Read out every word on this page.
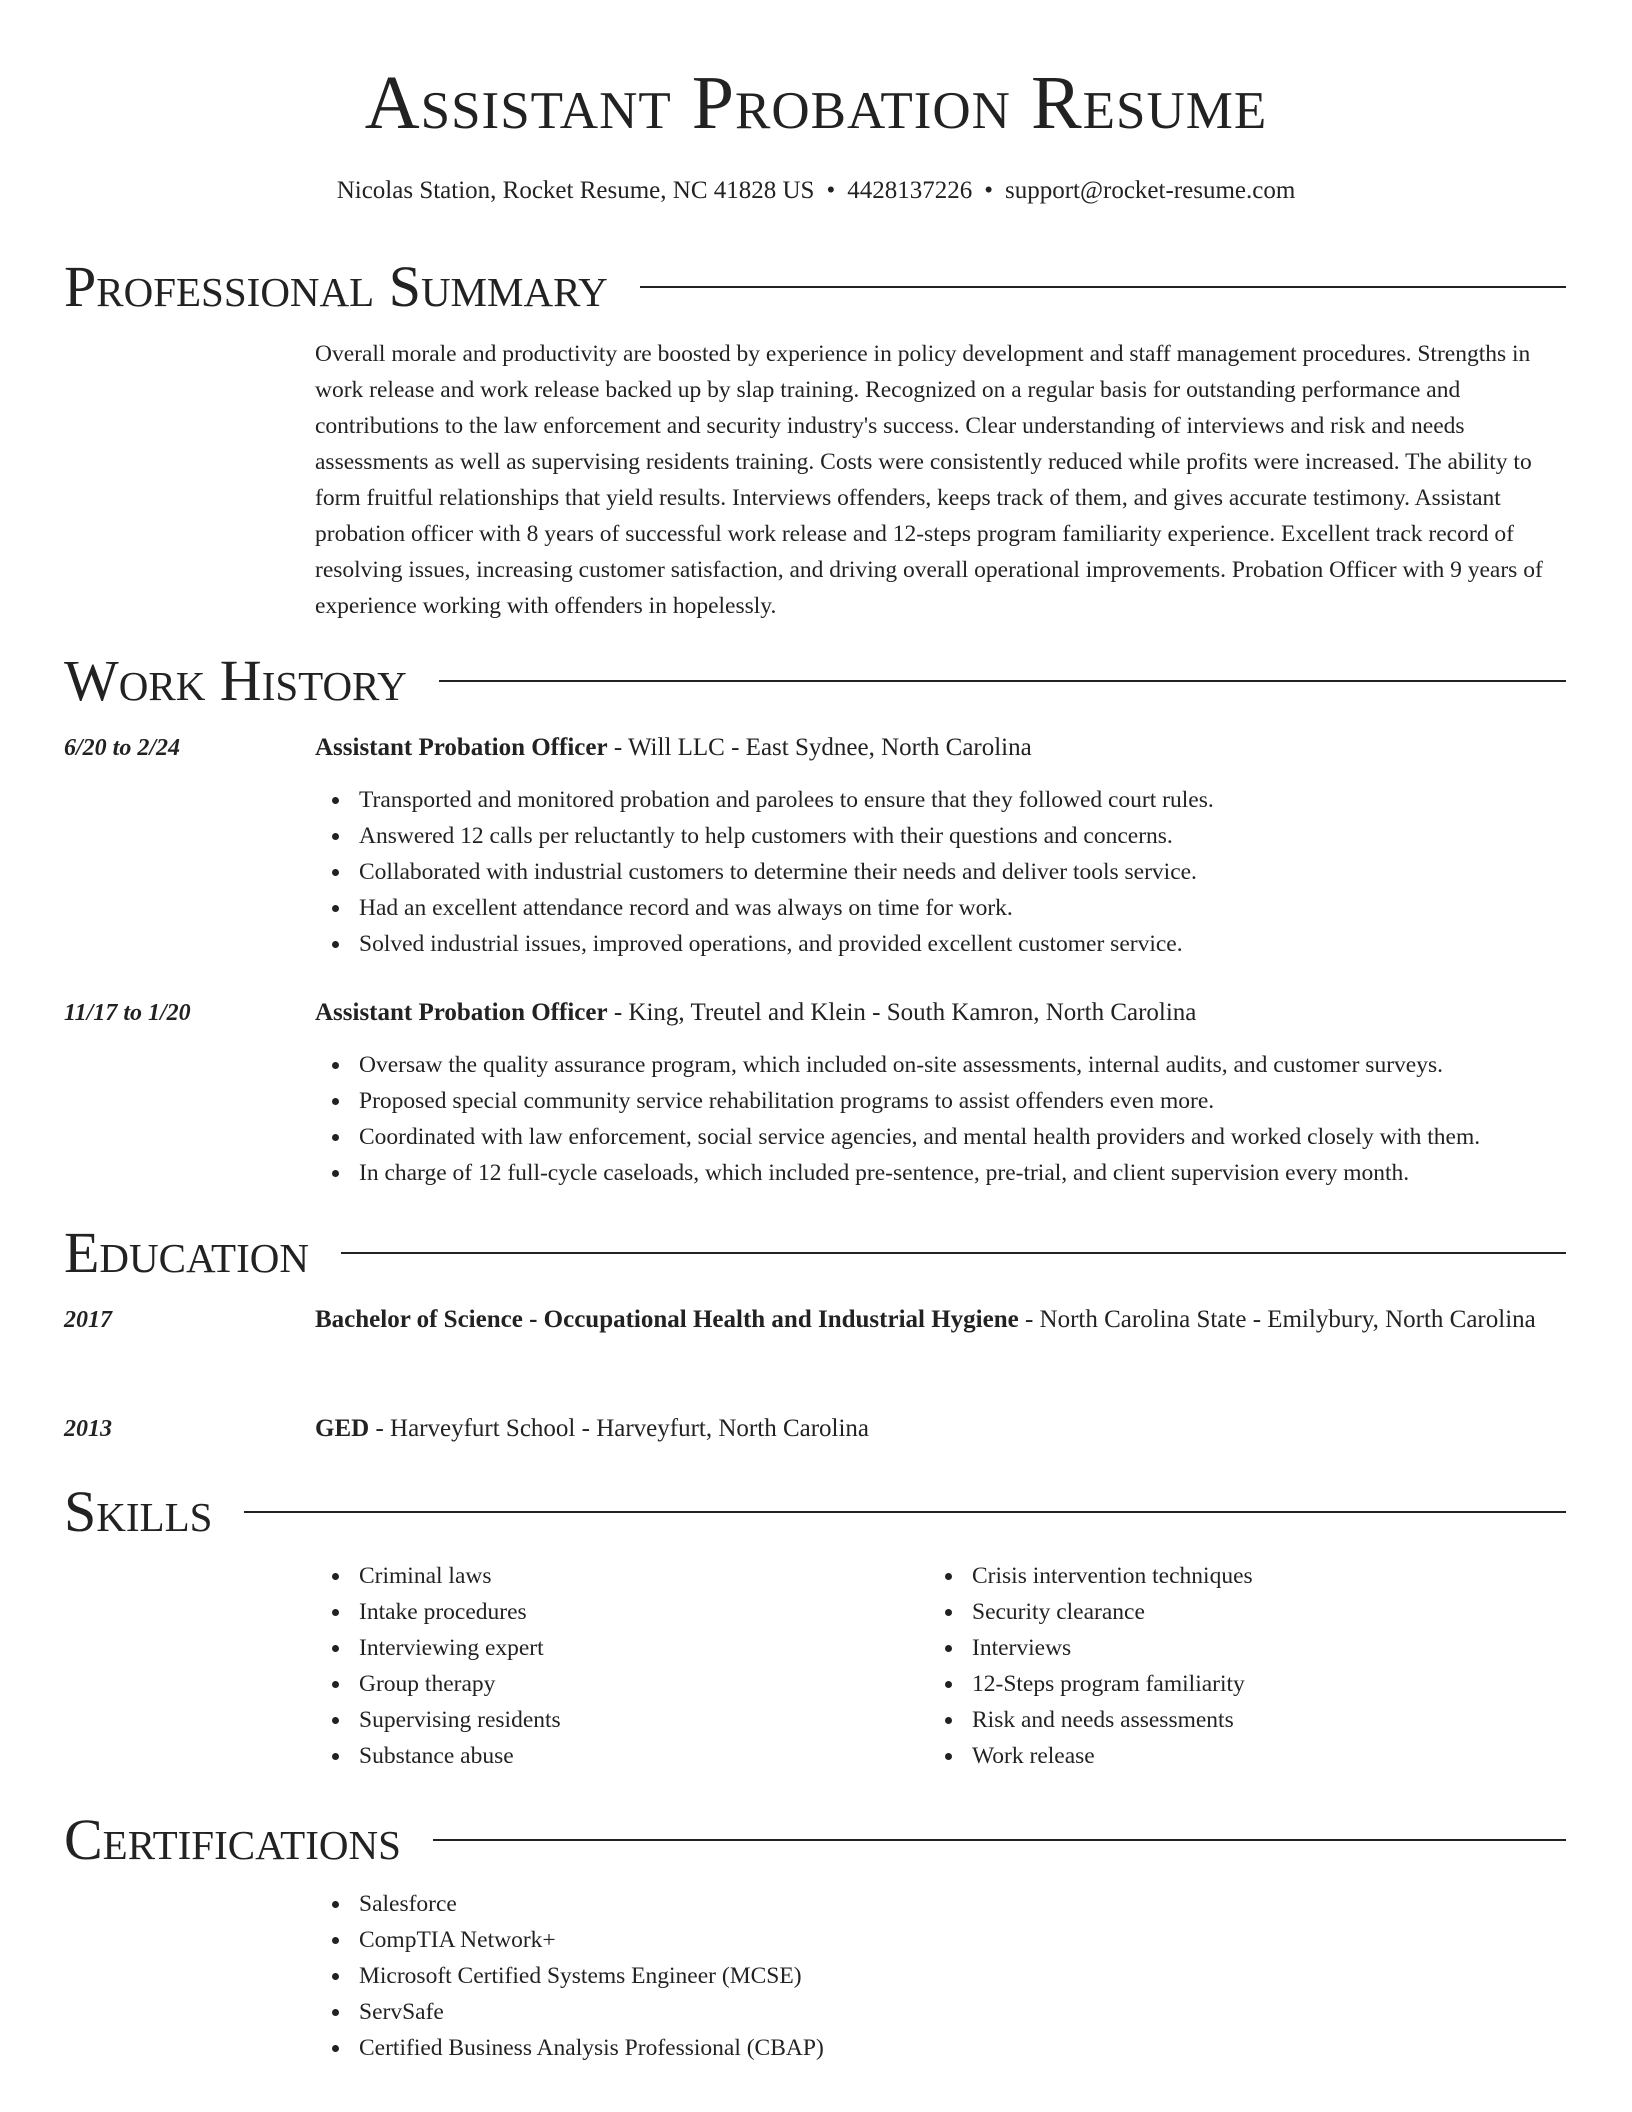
Assistant Probation Resume
Nicolas Station, Rocket Resume, NC 41828 US • 4428137226 • support@rocket-resume.com
Professional Summary
Overall morale and productivity are boosted by experience in policy development and staff management procedures. Strengths in work release and work release backed up by slap training. Recognized on a regular basis for outstanding performance and contributions to the law enforcement and security industry's success. Clear understanding of interviews and risk and needs assessments as well as supervising residents training. Costs were consistently reduced while profits were increased. The ability to form fruitful relationships that yield results. Interviews offenders, keeps track of them, and gives accurate testimony. Assistant probation officer with 8 years of successful work release and 12-steps program familiarity experience. Excellent track record of resolving issues, increasing customer satisfaction, and driving overall operational improvements. Probation Officer with 9 years of experience working with offenders in hopelessly.
Work History
6/20 to 2/24	Assistant Probation Officer - Will LLC - East Sydnee, North Carolina
Transported and monitored probation and parolees to ensure that they followed court rules.
Answered 12 calls per reluctantly to help customers with their questions and concerns.
Collaborated with industrial customers to determine their needs and deliver tools service.
Had an excellent attendance record and was always on time for work.
Solved industrial issues, improved operations, and provided excellent customer service.
11/17 to 1/20	Assistant Probation Officer - King, Treutel and Klein - South Kamron, North Carolina
Oversaw the quality assurance program, which included on-site assessments, internal audits, and customer surveys.
Proposed special community service rehabilitation programs to assist offenders even more.
Coordinated with law enforcement, social service agencies, and mental health providers and worked closely with them.
In charge of 12 full-cycle caseloads, which included pre-sentence, pre-trial, and client supervision every month.
Education
2017	Bachelor of Science - Occupational Health and Industrial Hygiene - North Carolina State - Emilybury, North Carolina
2013	GED - Harveyfurt School - Harveyfurt, North Carolina
Skills
Criminal laws
Intake procedures
Interviewing expert
Group therapy
Supervising residents
Substance abuse
Crisis intervention techniques
Security clearance
Interviews
12-Steps program familiarity
Risk and needs assessments
Work release
Certifications
Salesforce
CompTIA Network+
Microsoft Certified Systems Engineer (MCSE)
ServSafe
Certified Business Analysis Professional (CBAP)
